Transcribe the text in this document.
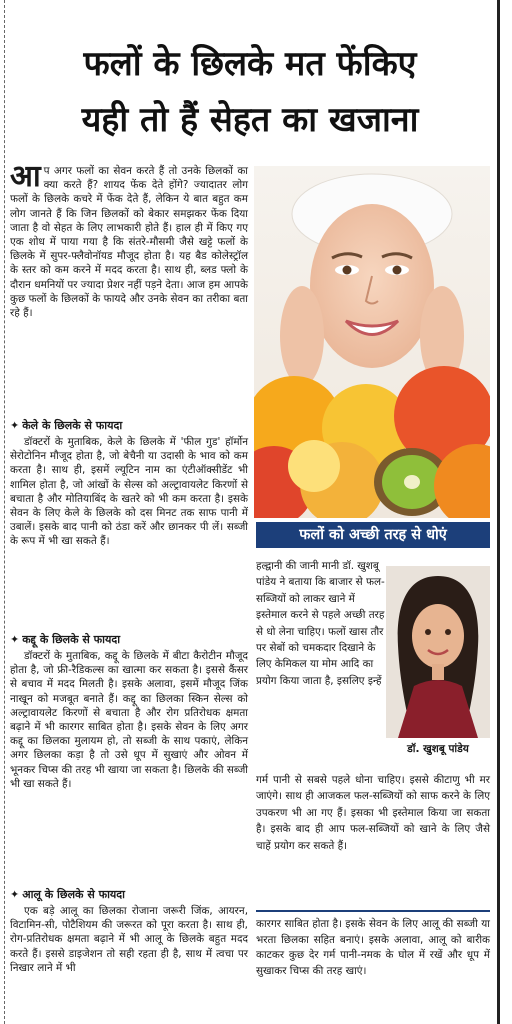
फलों के छिलके मत फेंकिए
यही तो हैं सेहत का खजाना
आ प अगर फलों का सेवन करते हैं तो उनके छिलकों का क्या करते हैं? शायद फेंक देते होंगे? ज्यादातर लोग फलों के छिलके कचरे में फेंक देते हैं, लेकिन ये बात बहुत कम लोग जानते हैं कि जिन छिलकों को बेकार समझकर फेंक दिया जाता है वो सेहत के लिए लाभकारी होते हैं। हाल ही में किए गए एक शोध में पाया गया है कि संतरे-मौसमी जैसे खट्टे फलों के छिलके में सुपर-फ्लैवोनॉयड मौजूद होता है। यह बैड कोलेस्ट्रॉल के स्तर को कम करने में मदद करता है। साथ ही, ब्लड फ्लो के दौरान धमनियों पर ज्यादा प्रेशर नहीं पड़ने देता। आज हम आपके कुछ फलों के छिलकों के फायदे और उनके सेवन का तरीका बता रहे हैं।
✦ केले के छिलके से फायदा

डॉक्टरों के मुताबिक, केले के छिलके में 'फील गुड' हॉर्मोन सेरोटोनिन मौजूद होता है, जो बेचैनी या उदासी के भाव को कम करता है। साथ ही, इसमें ल्यूटिन नाम का एंटीऑक्सीडेंट भी शामिल होता है, जो आंखों के सेल्स को अल्ट्रावायलेट किरणों से बचाता है और मोतियाबिंद के खतरे को भी कम करता है। इसके सेवन के लिए केले के छिलके को दस मिनट तक साफ पानी में उबालें। इसके बाद पानी को ठंडा करें और छानकर पी लें। सब्जी के रूप में भी खा सकते हैं।

✦ कद्दू के छिलके से फायदा

डॉक्टरों के मुताबिक, कद्दू के छिलके में बीटा कैरोटीन मौजूद होता है, जो फ्री-रैडिकल्स का खात्मा कर सकता है। इससे कैंसर से बचाव में मदद मिलती है। इसके अलावा, इसमें मौजूद जिंक नाखून को मजबूत बनाते हैं। कद्दू का छिलका स्किन सेल्स को अल्ट्रावायलेट किरणों से बचाता है और रोग प्रतिरोधक क्षमता बढ़ाने में भी कारगर साबित होता है। इसके सेवन के लिए अगर कद्दू का छिलका मुलायम हो, तो सब्जी के साथ पकाएं, लेकिन अगर छिलका कड़ा है तो उसे धूप में सुखाएं और ओवन में भूनकर चिप्स की तरह भी खाया जा सकता है। छिलके की सब्जी भी खा सकते हैं।

✦ आलू के छिलके से फायदा

एक बड़े आलू का छिलका रोजाना जरूरी जिंक, आयरन, विटामिन-सी, पोटैशियम की जरूरत को पूरा करता है। साथ ही, रोग-प्रतिरोधक क्षमता बढ़ाने में भी आलू के छिलके बहुत मदद करते हैं। इससे डाइजेशन तो सही रहता ही है, साथ में त्वचा पर निखार लाने में भी

फलों को अच्छी तरह से धोएं
हल्द्वानी की जानी मानी डॉ. खुशबू पांडेय ने बताया कि बाजार से फल-सब्जियों को लाकर खाने में इस्तेमाल करने से पहले अच्छी तरह से धो लेना चाहिए। फलों खास तौर पर सेबों को चमकदार दिखाने के लिए केमिकल या मोम आदि का प्रयोग किया जाता है, इसलिए इन्हें
डॉ. खुशबू पांडेय
गर्म पानी से सबसे पहले धोना चाहिए। इससे कीटाणु भी मर जाएंगे। साथ ही आजकल फल-सब्जियों को साफ करने के लिए उपकरण भी आ गए हैं। इसका भी इस्तेमाल किया जा सकता है। इसके बाद ही आप फल-सब्जियों को खाने के लिए जैसे चाहें प्रयोग कर सकते हैं।
कारगर साबित होता है। इसके सेवन के लिए आलू की सब्जी या भरता छिलका सहित बनाएं। इसके अलावा, आलू को बारीक काटकर कुछ देर गर्म पानी-नमक के घोल में रखें और धूप में सुखाकर चिप्स की तरह खाएं।
